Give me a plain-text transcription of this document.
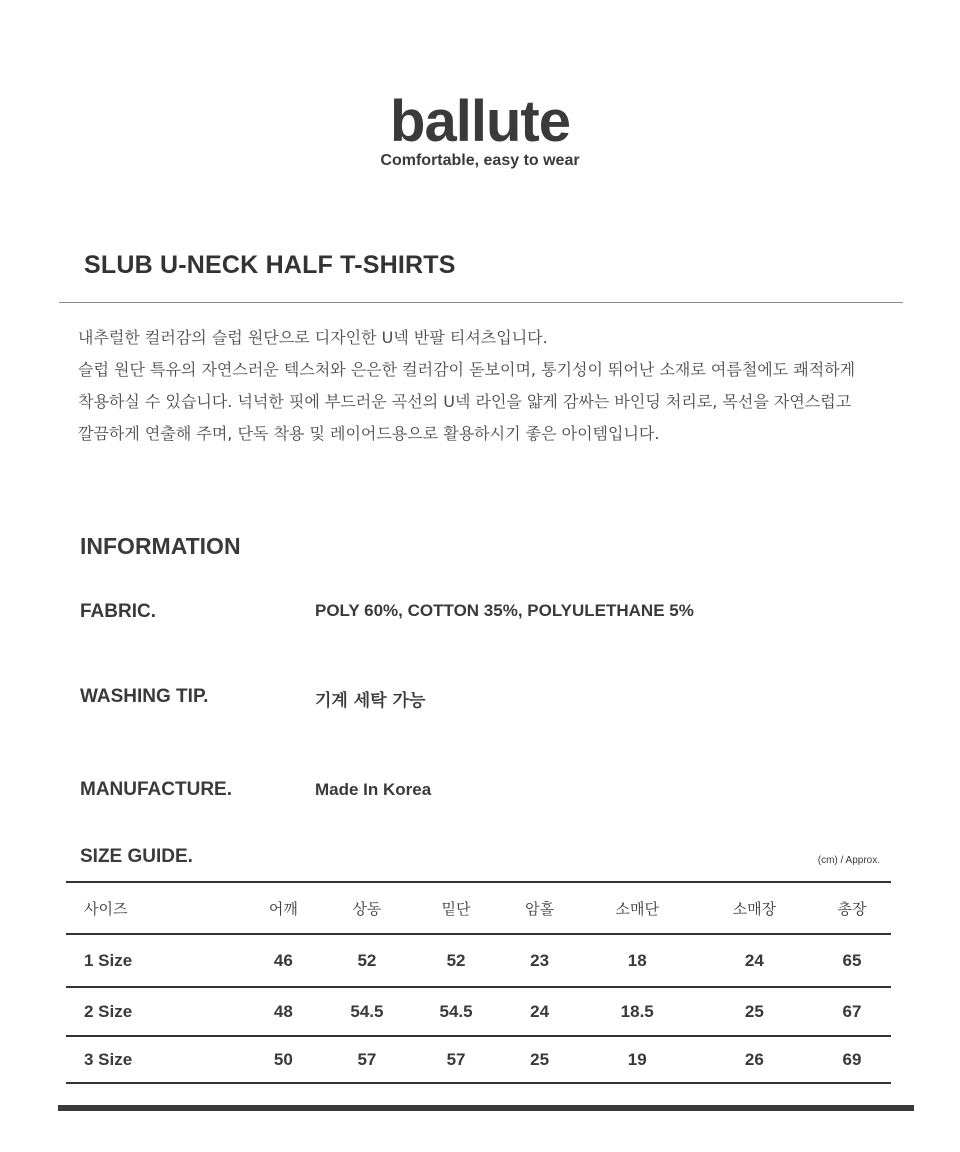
ballute
Comfortable, easy to wear
SLUB U-NECK HALF T-SHIRTS
내추럴한 컬러감의 슬럽 원단으로 디자인한 U넥 반팔 티셔츠입니다.
슬럽 원단 특유의 자연스러운 텍스처와 은은한 컬러감이 돋보이며, 통기성이 뛰어난 소재로 여름철에도 쾌적하게
착용하실 수 있습니다. 넉넉한 핏에 부드러운 곡선의 U넥 라인을 얇게 감싸는 바인딩 처리로, 목선을 자연스럽고
깔끔하게 연출해 주며, 단독 착용 및 레이어드용으로 활용하시기 좋은 아이템입니다.
INFORMATION
FABRIC.	POLY 60%, COTTON 35%, POLYULETHANE 5%
WASHING TIP.	기계 세탁 가능
MANUFACTURE.	Made In Korea
SIZE GUIDE.	(cm) / Approx.
사이즈	어깨	상동	밑단	암홀	소매단	소매장	총장
1 Size	46	52	52	23	18	24	65
2 Size	48	54.5	54.5	24	18.5	25	67
3 Size	50	57	57	25	19	26	69
